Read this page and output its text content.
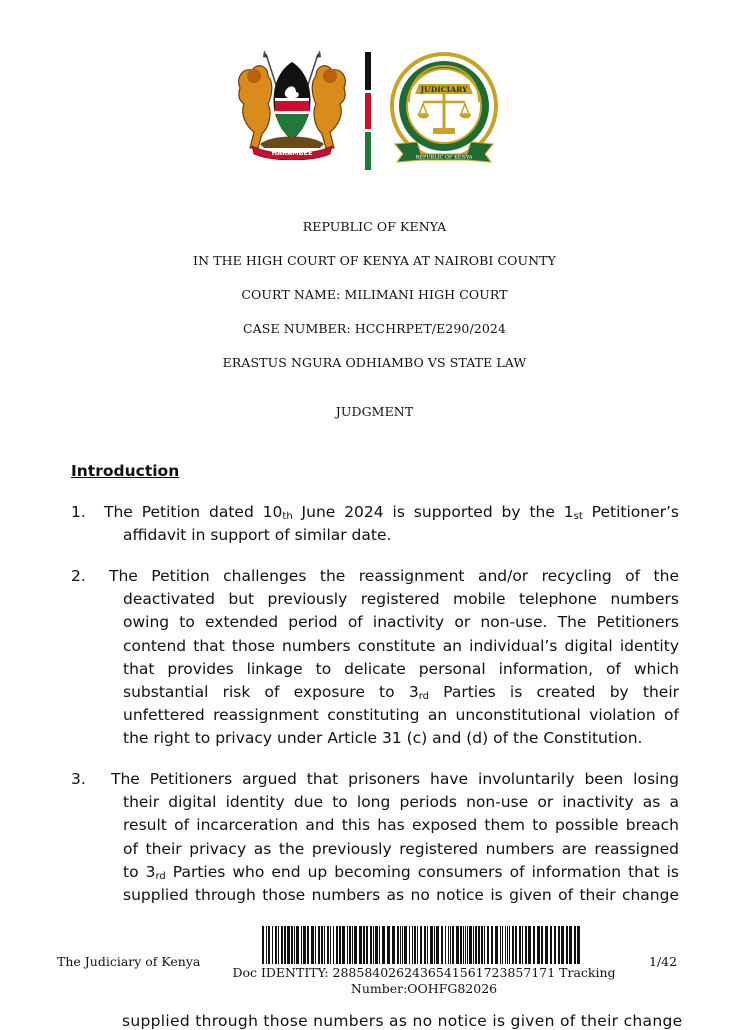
HARAMBEE
JUDICIARY
REPUBLIC OF KENYA
REPUBLIC OF KENYA
IN THE HIGH COURT OF KENYA AT NAIROBI COUNTY
COURT NAME: MILIMANI HIGH COURT
CASE NUMBER: HCCHRPET/E290/2024
ERASTUS NGURA ODHIAMBO VS STATE LAW
JUDGMENT
Introduction
1.	The Petition dated $10_{th}$ June 2024 is supported by the $1_{st}$ Petitioner’s
affidavit in support of similar date.
2.	The Petition challenges the reassignment and/or recycling of the
deactivated but previously registered mobile telephone numbers
owing to extended period of inactivity or non-use. The Petitioners
contend that those numbers constitute an individual’s digital identity
that provides linkage to delicate personal information, of which
substantial risk of exposure to $3_{rd}$ Parties is created by their
unfettered reassignment constituting an unconstitutional violation of
the right to privacy under Article 31 (c) and (d) of the Constitution.
3.	The Petitioners argued that prisoners have involuntarily been losing
their digital identity due to long periods non-use or inactivity as a
result of incarceration and this has exposed them to possible breach
of their privacy as the previously registered numbers are reassigned
to $3_{rd}$ Parties who end up becoming consumers of information that is
supplied through those numbers as no notice is given of their change
The Judiciary of Kenya	1/42
Doc IDENTITY: 28858402624365415617238571​71 Tracking
Number:OOHFG82026
supplied through those numbers as no notice is given of their change
